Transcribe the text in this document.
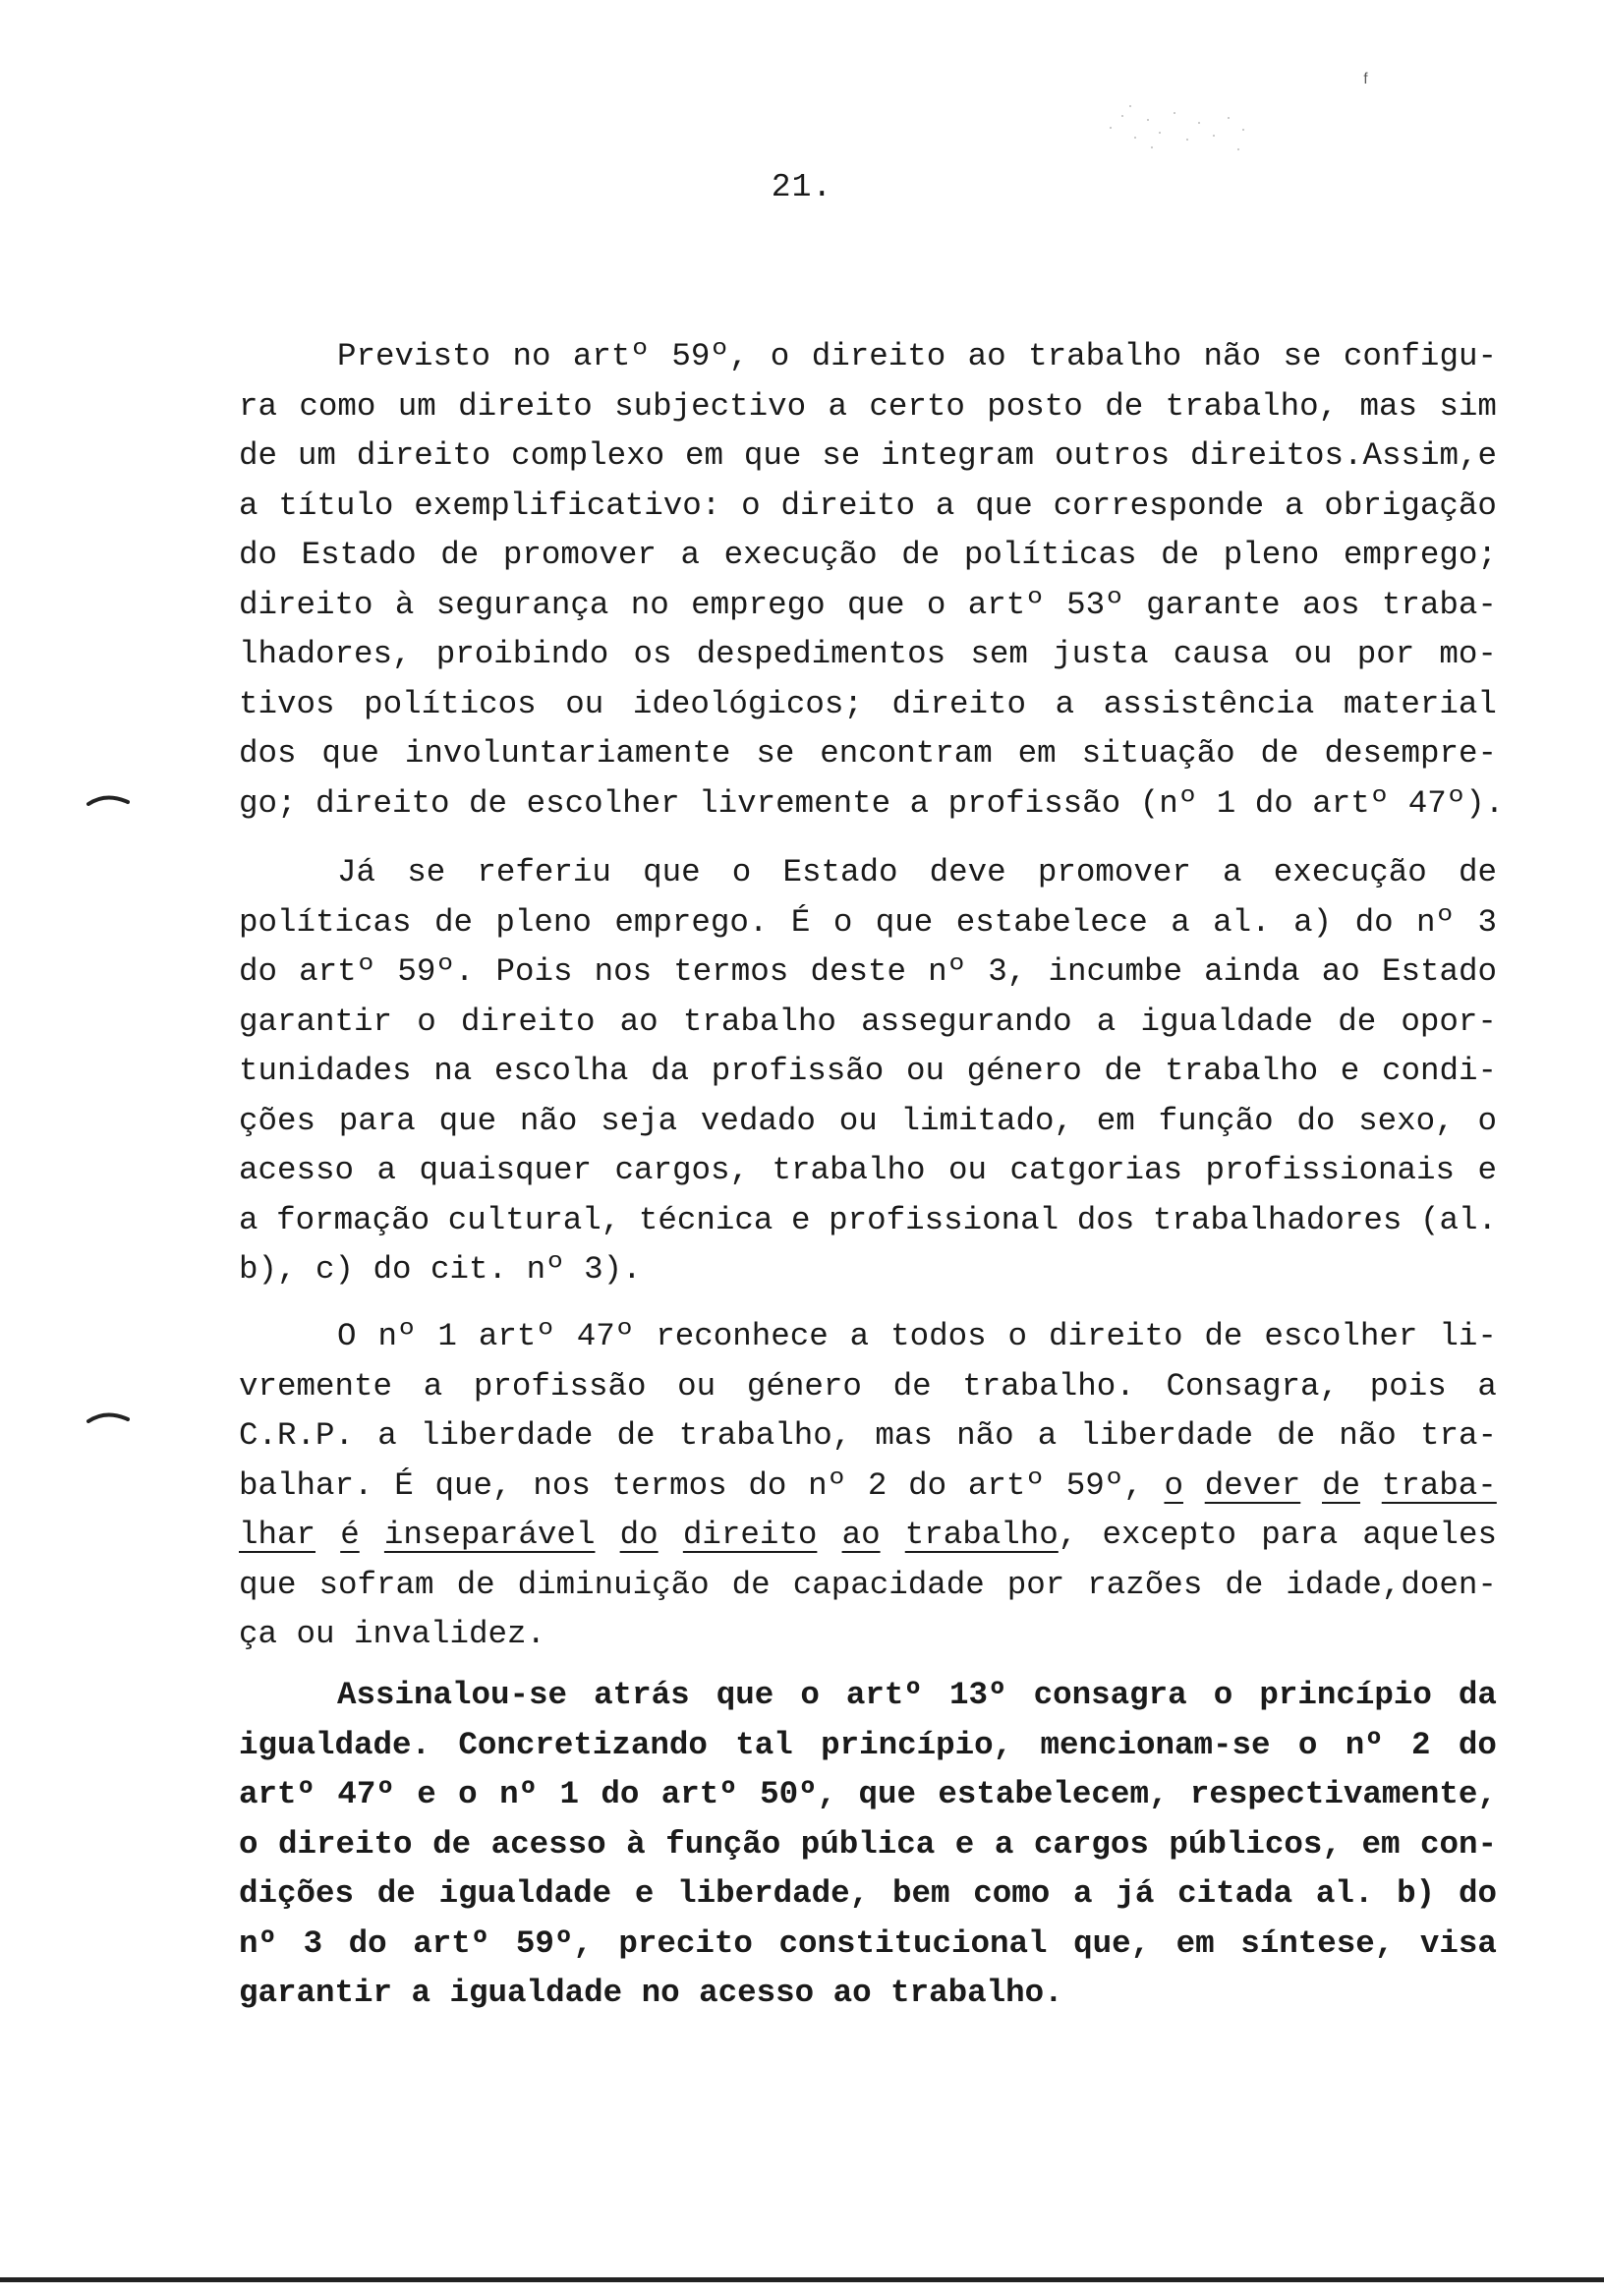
ᶠ
21.
Previsto no artº 59º, o direito ao trabalho não se configu-
ra como um direito subjectivo a certo posto de trabalho, mas sim
de um direito complexo em que se integram outros direitos.Assim,e
a título exemplificativo: o direito a que corresponde a obrigação
do Estado de promover a execução de políticas de pleno emprego;
direito à segurança no emprego que o artº 53º garante aos traba-
lhadores, proibindo os despedimentos sem justa causa ou por mo-
tivos políticos ou ideológicos; direito a assistência material
dos que involuntariamente se encontram em situação de desempre-
go; direito de escolher livremente a profissão (nº 1 do artº 47º).
Já se referiu que o Estado deve promover a execução de
políticas de pleno emprego. É o que estabelece a al. a) do nº 3
do artº 59º. Pois nos termos deste nº 3, incumbe ainda ao Estado
garantir o direito ao trabalho assegurando a igualdade de opor-
tunidades na escolha da profissão ou género de trabalho e condi-
ções para que não seja vedado ou limitado, em função do sexo, o
acesso a quaisquer cargos, trabalho ou catgorias profissionais e
a formação cultural, técnica e profissional dos trabalhadores (al.
b), c) do cit. nº 3).
O nº 1 artº 47º reconhece a todos o direito de escolher li-
vremente a profissão ou género de trabalho. Consagra, pois a
C.R.P. a liberdade de trabalho, mas não a liberdade de não tra-
balhar. É que, nos termos do nº 2 do artº 59º, o dever de traba-
lhar é inseparável do direito ao trabalho, excepto para aqueles
que sofram de diminuição de capacidade por razões de idade,doen-
ça ou invalidez.
Assinalou-se atrás que o artº 13º consagra o princípio da
igualdade. Concretizando tal princípio, mencionam-se o nº 2 do
artº 47º e o nº 1 do artº 50º, que estabelecem, respectivamente,
o direito de acesso à função pública e a cargos públicos, em con-
dições de igualdade e liberdade, bem como a já citada al. b) do
nº 3 do artº 59º, precito constitucional que, em síntese, visa
garantir a igualdade no acesso ao trabalho.
